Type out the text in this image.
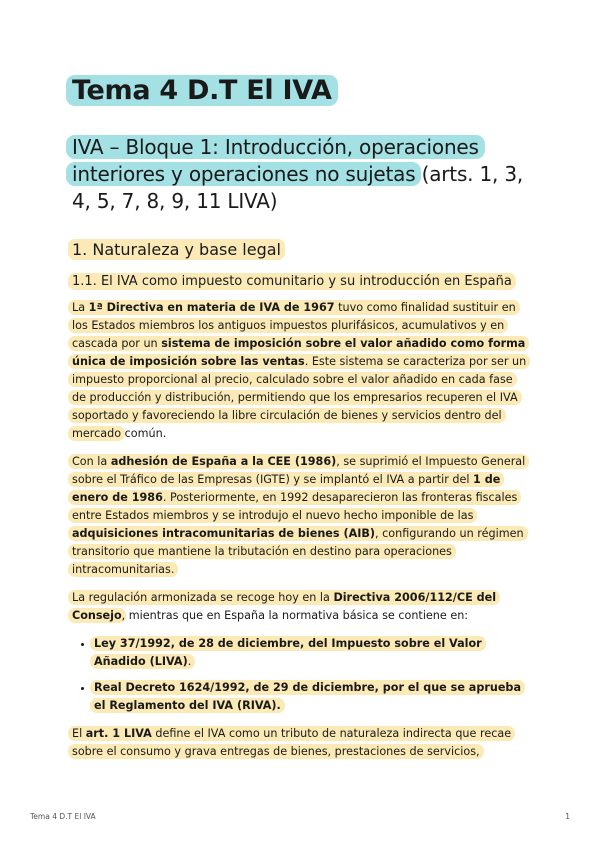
Tema 4 D.T El IVA
IVA – Bloque 1: Introducción, operaciones interiores y operaciones no sujetas (arts. 1, 3, 4, 5, 7, 8, 9, 11 LIVA)
1. Naturaleza y base legal
1.1. El IVA como impuesto comunitario y su introducción en España

La 1ª Directiva en materia de IVA de 1967 tuvo como finalidad sustituir en los Estados miembros los antiguos impuestos plurifásicos, acumulativos y en cascada por un sistema de imposición sobre el valor añadido como forma única de imposición sobre las ventas. Este sistema se caracteriza por ser un impuesto proporcional al precio, calculado sobre el valor añadido en cada fase de producción y distribución, permitiendo que los empresarios recuperen el IVA soportado y favoreciendo la libre circulación de bienes y servicios dentro del mercado común.

Con la adhesión de España a la CEE (1986), se suprimió el Impuesto General sobre el Tráfico de las Empresas (IGTE) y se implantó el IVA a partir del 1 de enero de 1986. Posteriormente, en 1992 desaparecieron las fronteras fiscales entre Estados miembros y se introdujo el nuevo hecho imponible de las adquisiciones intracomunitarias de bienes (AIB), configurando un régimen transitorio que mantiene la tributación en destino para operaciones intracomunitarias.

La regulación armonizada se recoge hoy en la Directiva 2006/112/CE del Consejo, mientras que en España la normativa básica se contiene en:

• Ley 37/1992, de 28 de diciembre, del Impuesto sobre el Valor Añadido (LIVA).
• Real Decreto 1624/1992, de 29 de diciembre, por el que se aprueba el Reglamento del IVA (RIVA).

El art. 1 LIVA define el IVA como un tributo de naturaleza indirecta que recae sobre el consumo y grava entregas de bienes, prestaciones de servicios,

Tema 4 D.T El IVA	1
